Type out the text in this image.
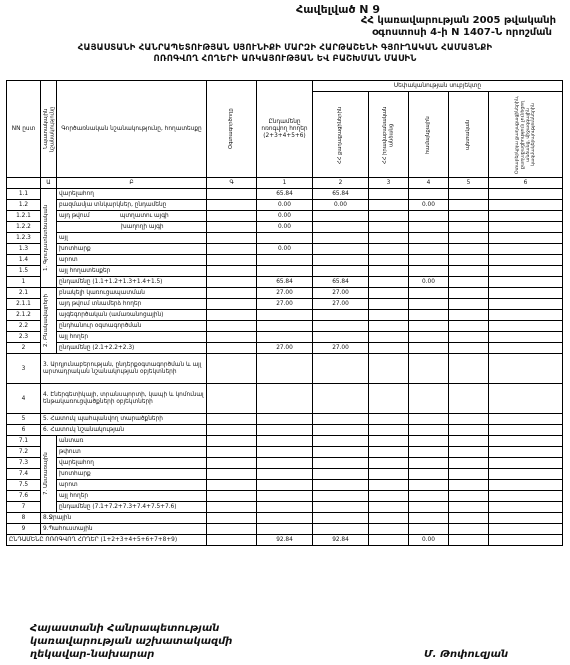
Հավելված N 9
ՀՀ կառավարության 2005 թվականի
օգոստոսի 4-ի N 1407-Ն որոշման
ՀԱՅԱՍՏԱՆԻ ՀԱՆՐԱՊԵՏՈՒԹՅԱՆ ՍՅՈՒՆԻՔԻ ՄԱՐԶԻ ՀԱՐԹԱՇԵՆԻ ԳՅՈՒՂԱԿԱՆ ՀԱՄԱՅՆՔԻ
ՈՌՈԳՎՈՂ ՀՈՂԵՐԻ ԱՌԿԱՅՈՒԹՅԱՆ ԵՎ ԲԱՇԽՄԱՆ ՄԱՍԻՆ
NN ըստ	Նպատակային նշանակությունը	Գործառնական նշանակությունը, հողատեսքը	Օգտագործողը	Ընդամենը ոռոգվող հողեր (2+3+4+5+6)	Սեփականության սուբյեկտը				

					ՀՀ քաղաքացիներին	ՀՀ իրավաբանական անձանց	համայնքային	պետական	Օտարերկրյա քաղաքացիներին, քաղաքացիություն չունեցող անձանց, միջազգային կազմակերպություններին

	Ա	Բ	Գ	1	2	3	4	5	6
1.1	1. Գյուղատնտեսական	վարելահող		65.84	65.84				
1.2		բազմամյա տնկարկներ, ընդամենը		0.00	0.00		0.00		
1.2.1		այդ թվում պտղատու այգի		0.00					
1.2.2		խաղողի այգի		0.00					
1.2.3		այլ							
1.3		խոտհարք		0.00					
1.4		արոտ							
1.5		այլ հողատեսքեր							
1		ընդամենը (1.1+1.2+1.3+1.4+1.5)		65.84	65.84		0.00		
2.1	2. Բնակավայրերի	բնակելի կառուցապատման		27.00	27.00				
2.1.1		այդ թվում տնամերձ հողեր		27.00	27.00				
2.1.2		այգեգործական (ամառանոցային)							
2.2		ընդհանուր օգտագործման							
2.3		այլ հողեր							
2		ընդամենը (2.1+2.2+2.3)		27.00	27.00				
3	3. Արդյունաբերության, ընդերքօգտագործման և այլ արտադրական նշանակության օբյեկտների								
4	4. Էներգետիկայի, տրանսպորտի, կապի և կոմունալ ենթակառուցվածքների օբյեկտների								
5	5. Հատուկ պահպանվող տարածքների								
6	6. Հատուկ նշանակության								
7.1	7. Անտառային	անտառ							
7.2		թփուտ							
7.3		վարելահող							
7.4		խոտհարք							
7.5		արոտ							
7.6		այլ հողեր							
7		ընդամենը (7.1+7.2+7.3+7.4+7.5+7.6)							
8	8.Ջրային								
9	9.Պահուստային								
ԸՆԴԱՄԵՆԸ ՈՌՈԳՎՈՂ ՀՈՂԵՐ (1+2+3+4+5+6+7+8+9)				92.84	92.84		0.00		
Հայաստանի Հանրապետության
կառավարության աշխատակազմի
ղեկավար-նախարար	Մ. Թոփուզյան
